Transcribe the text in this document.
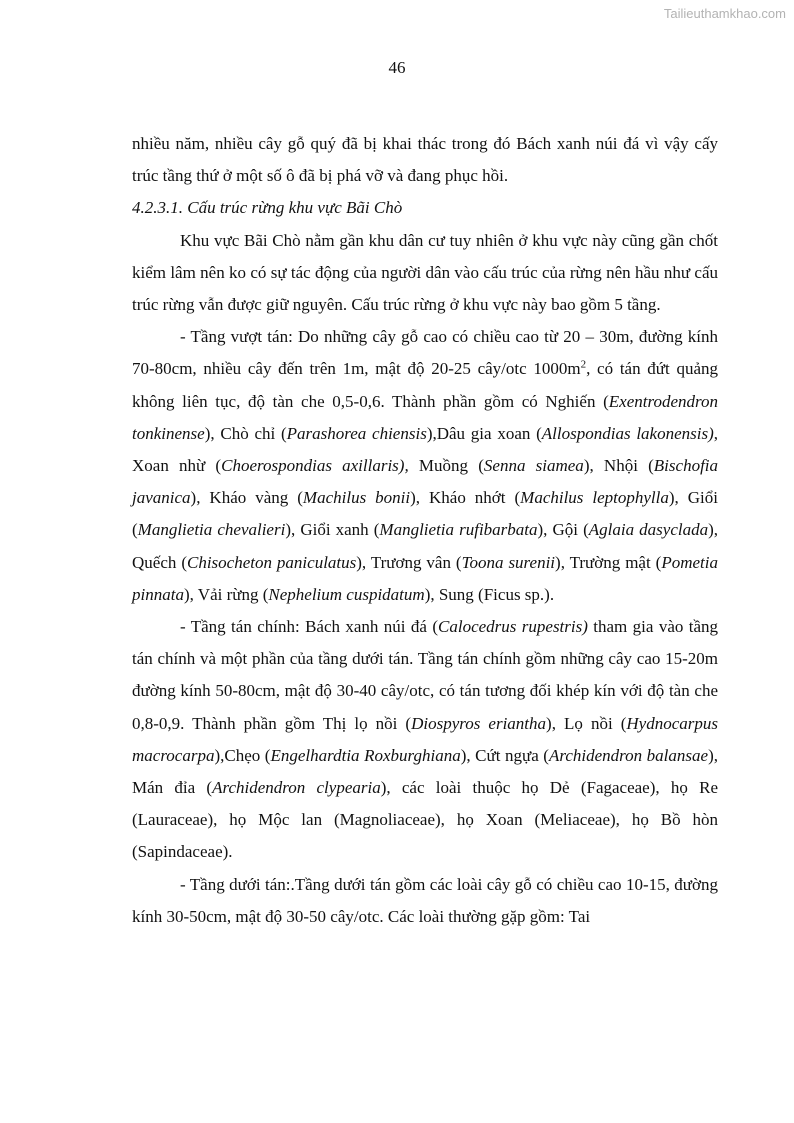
Tailieuthamkhao.com
46

nhiều năm, nhiều cây gỗ quý đã bị khai thác trong đó Bách xanh núi đá vì vậy cấy trúc tầng thứ ở một số ô đã bị phá vỡ và đang phục hồi.

4.2.3.1. Cấu trúc rừng khu vực Bãi Chò

Khu vực Bãi Chò nằm gần khu dân cư tuy nhiên ở khu vực này cũng gần chốt kiểm lâm nên ko có sự tác động của người dân vào cấu trúc của rừng nên hầu như cấu trúc rừng vẫn được giữ nguyên. Cấu trúc rừng ở khu vực này bao gồm 5 tầng.

- Tầng vượt tán: Do những cây gỗ cao có chiều cao từ 20 – 30m, đường kính 70-80cm, nhiều cây đến trên 1m, mật độ 20-25 cây/otc $1000m^2$, có tán đứt quảng không liên tục, độ tàn che 0,5-0,6. Thành phần gồm có Nghiến (Exentrodendron tonkinense), Chò chỉ (Parashorea chiensis),Dâu gia xoan (Allospondias lakonensis), Xoan nhừ (Choerospondias axillaris), Muồng (Senna siamea), Nhội (Bischofia javanica), Kháo vàng (Machilus bonii), Kháo nhớt (Machilus leptophylla), Giổi (Manglietia chevalieri), Giổi xanh (Manglietia rufibarbata), Gội (Aglaia dasyclada), Quếch (Chisocheton paniculatus), Trương vân (Toona surenii), Trường mật (Pometia pinnata), Vải rừng (Nephelium cuspidatum), Sung (Ficus sp.).

- Tầng tán chính: Bách xanh núi đá (Calocedrus rupestris) tham gia vào tầng tán chính và một phần của tầng dưới tán. Tầng tán chính gồm những cây cao 15-20m đường kính 50-80cm, mật độ 30-40 cây/otc, có tán tương đối khép kín với độ tàn che 0,8-0,9. Thành phần gồm Thị lọ nồi (Diospyros eriantha), Lọ nồi (Hydnocarpus macrocarpa),Chẹo (Engelhardtia Roxburghiana), Cứt ngựa (Archidendron balansae), Mán đỉa (Archidendron clypearia), các loài thuộc họ Dẻ (Fagaceae), họ Re (Lauraceae), họ Mộc lan (Magnoliaceae), họ Xoan (Meliaceae), họ Bồ hòn (Sapindaceae).

- Tầng dưới tán:.Tầng dưới tán gồm các loài cây gỗ có chiều cao 10-15, đường kính 30-50cm, mật độ 30-50 cây/otc. Các loài thường gặp gồm: Tai
